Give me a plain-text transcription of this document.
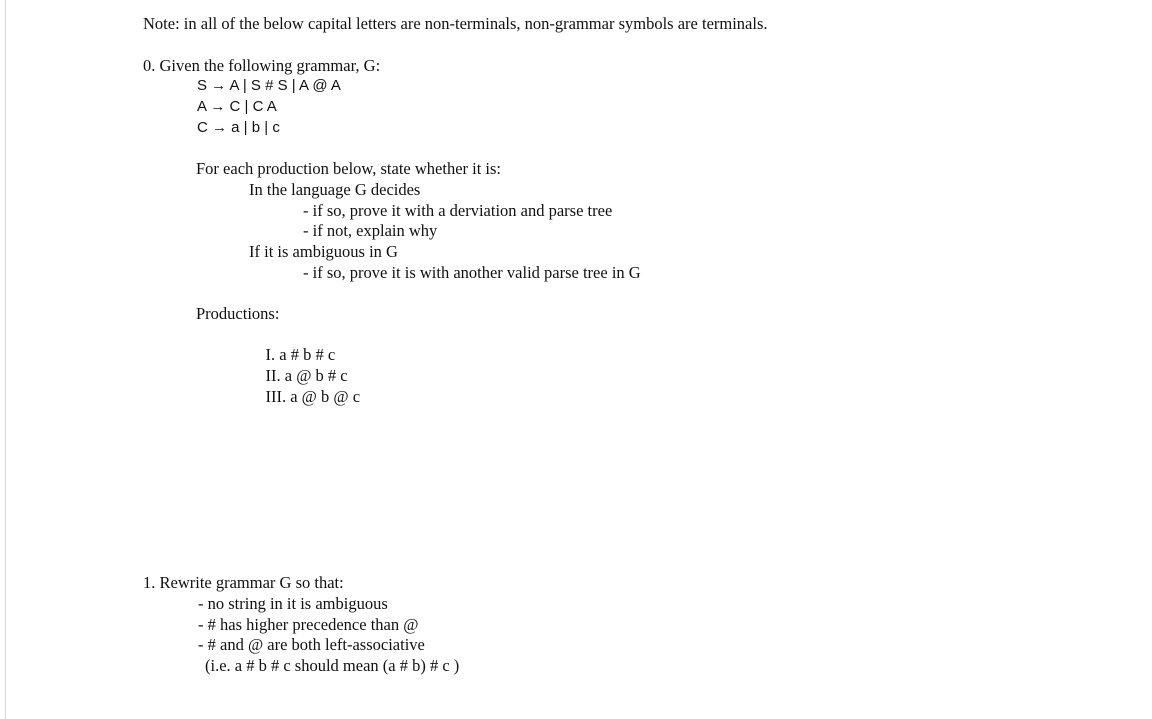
Note: in all of the below capital letters are non-terminals, non-grammar symbols are terminals.
0. Given the following grammar, G:
S → A | S # S | A @ A
A → C | C A
C → a | b | c
For each production below, state whether it is:
In the language G decides
- if so, prove it with a derviation and parse tree
- if not, explain why
If it is ambiguous in G
- if so, prove it is with another valid parse tree in G
Productions:

I. a # b # c

II. a @ b # c

III. a @ b @ c

1. Rewrite grammar G so that:
- no string in it is ambiguous
- # has higher precedence than @
- # and @ are both left-associative
(i.e. a # b # c should mean (a # b) # c )
